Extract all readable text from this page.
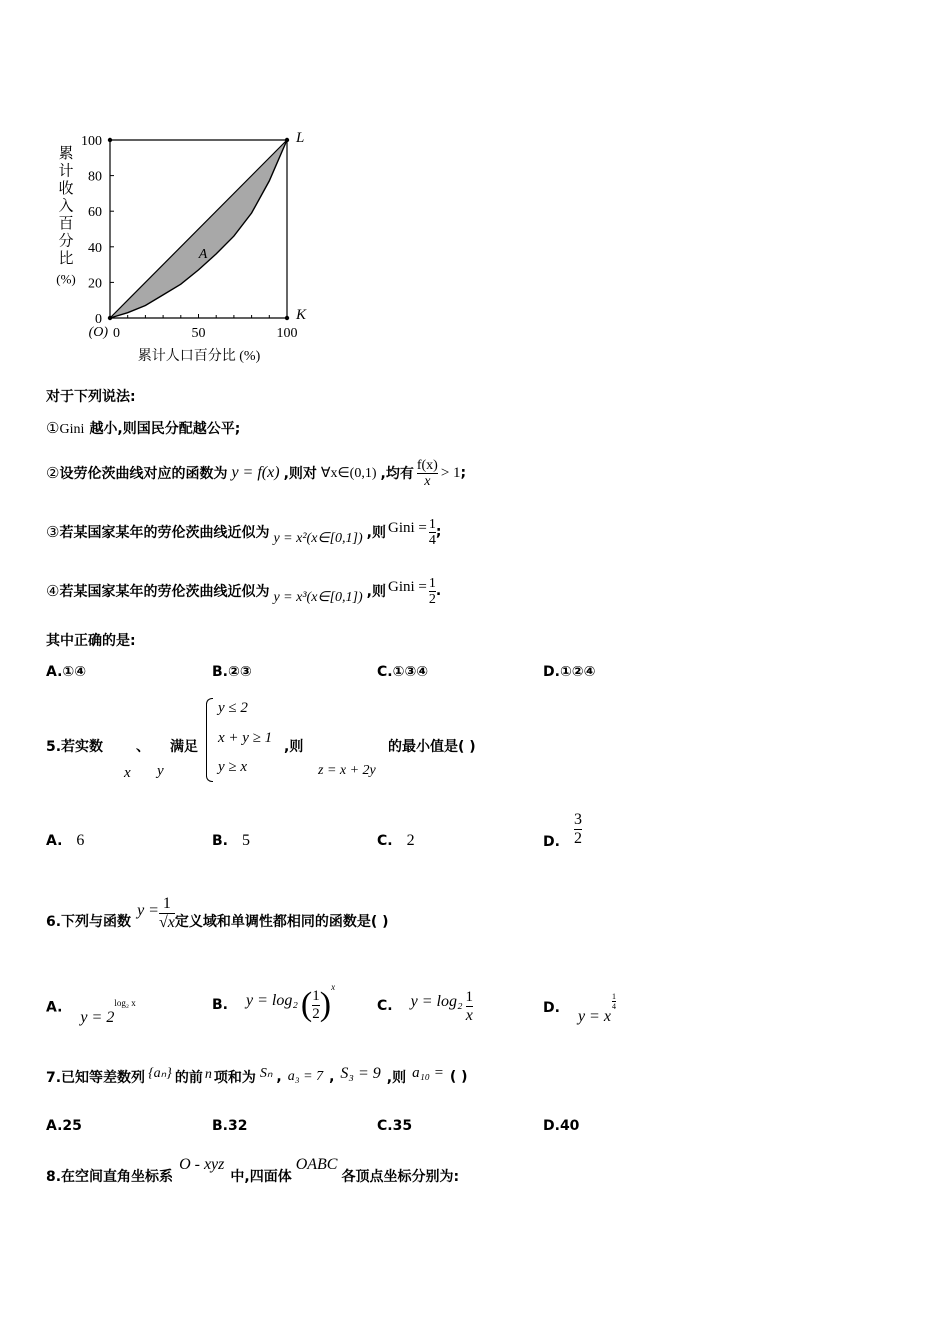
0
20
40
60
80
100
0	50	100
L
K
(O)
A
累计人口百分比 (%)
累
计
收
入
百
分
比
(%)
对于下列说法:
①Gini 越小,则国民分配越公平;
② 设劳伦茨曲线对应的函数为 y = f(x) ,则对 ∀x∈(0,1) ,均有 $\frac{f(x)}{x} > 1$ ;
③ 若某国家某年的劳伦茨曲线近似为 y = x²(x∈[0,1]) ,则 Gini = $\frac{1}{4}$ ;
④ 若某国家某年的劳伦茨曲线近似为 y = x³(x∈[0,1]) ,则 Gini = $\frac{1}{2}$ .
其中正确的是:
A.①④	B.②③	C.①③④	D.①②④
5.若实数 、 满足
x y
y ≤ 2
x + y ≥ 1
y ≥ x
,则
z = x + 2y
的最小值是( )
A. 6	B. 5	C. 2	D. $\frac{3}{2}$
6.下列与函数
$y = \frac{1}{√x}$ 定义域和单调性都相同的函数是( )
$A.y = 2^{log_2 x}$	B. y = log₂ ( $\frac{1}{2}$ ) x
C. $y = \log_2 \frac{1}{x}$	D. y = x
$\frac{1}{4}$
7.已知等差数列 {aₙ} 的前 n 项和为 Sₙ , a₃ = 7 , S₃ = 9 ,则 a₁₀ = ( )
A.25	B.32	C.35	D.40
8.在空间直角坐标系
O - xyz
中,四面体
OABC
各顶点坐标分别为:
